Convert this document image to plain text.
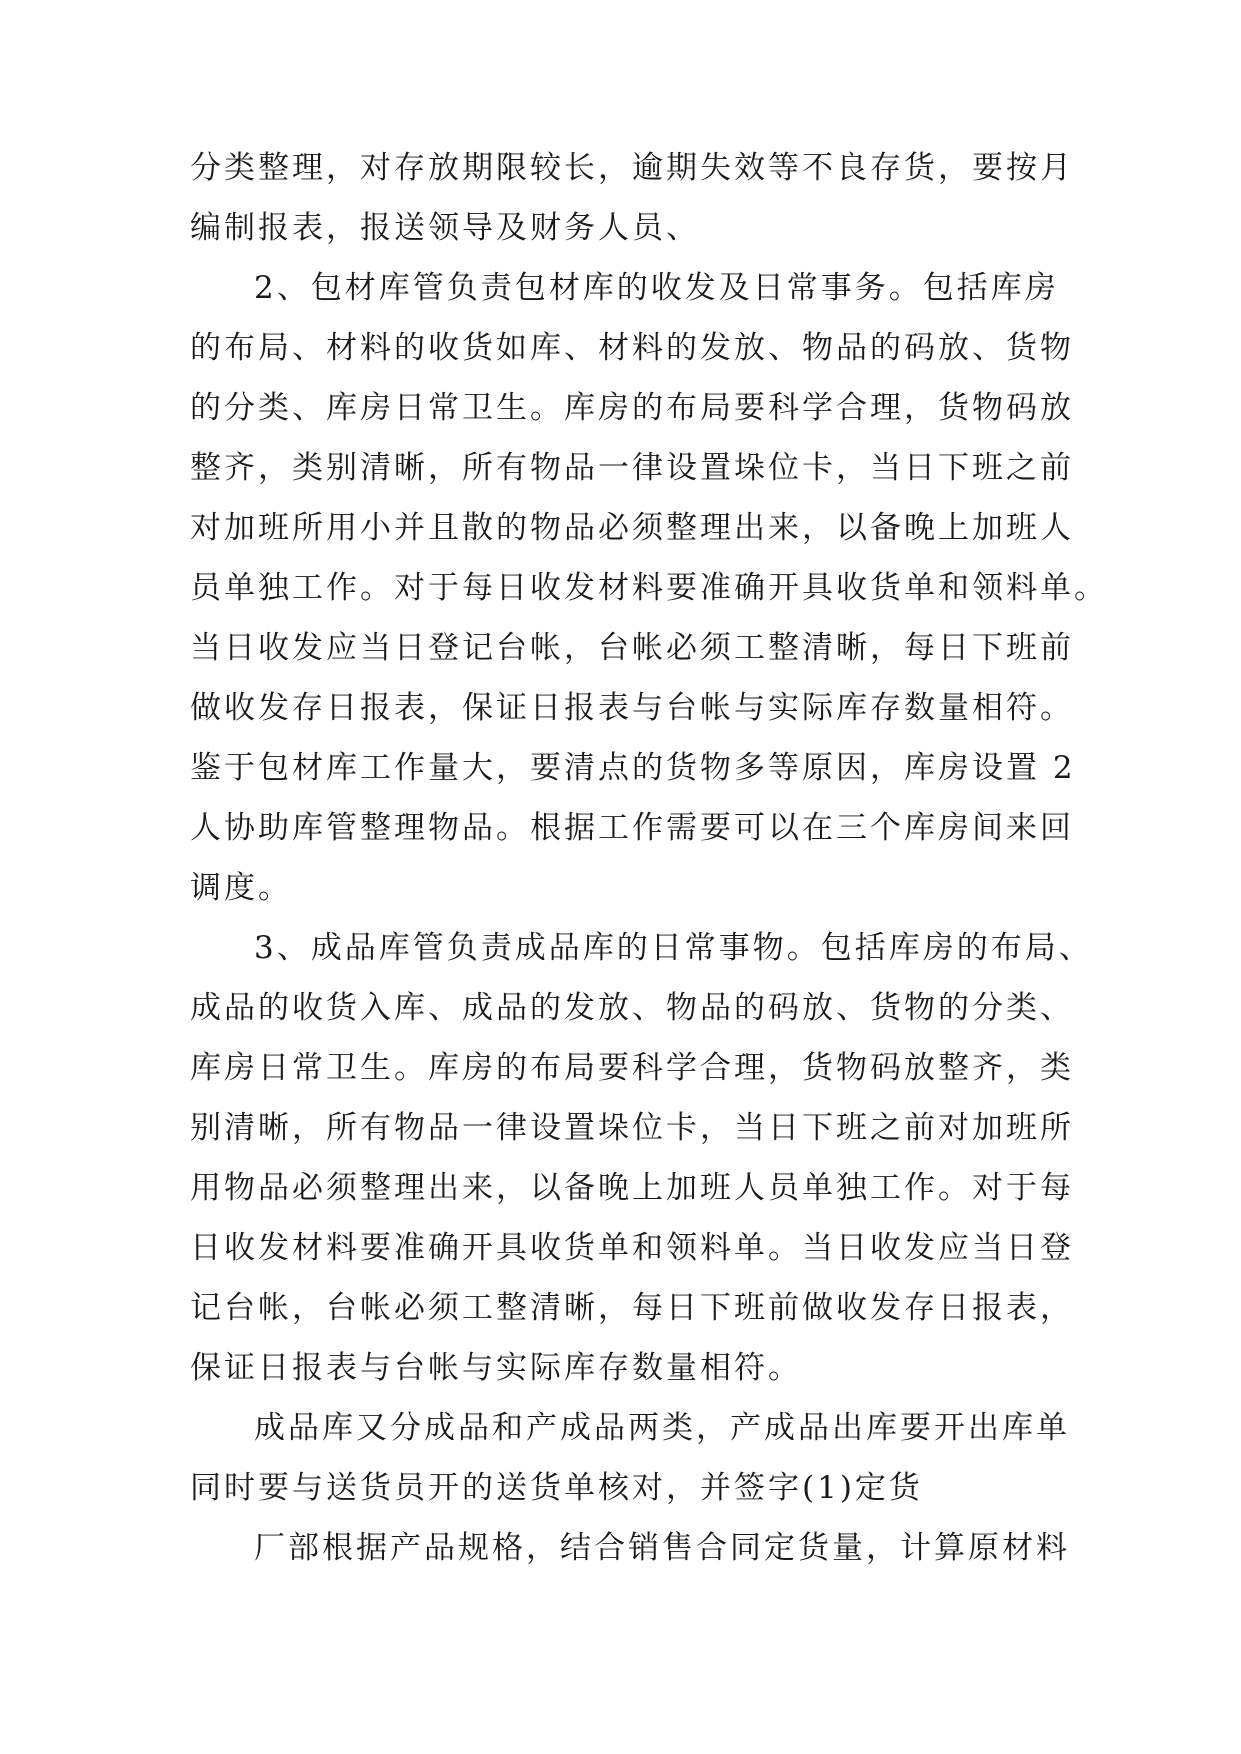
分类整理，对存放期限较长，逾期失效等不良存货，要按月
编制报表，报送领导及财务人员、
2、包材库管负责包材库的收发及日常事务。包括库房
的布局、材料的收货如库、材料的发放、物品的码放、货物
的分类、库房日常卫生。库房的布局要科学合理，货物码放
整齐，类别清晰，所有物品一律设置垛位卡，当日下班之前
对加班所用小并且散的物品必须整理出来，以备晚上加班人
员单独工作。对于每日收发材料要准确开具收货单和领料单。
当日收发应当日登记台帐，台帐必须工整清晰，每日下班前
做收发存日报表，保证日报表与台帐与实际库存数量相符。
鉴于包材库工作量大，要清点的货物多等原因，库房设置 2
人协助库管整理物品。根据工作需要可以在三个库房间来回
调度。
3、成品库管负责成品库的日常事物。包括库房的布局、
成品的收货入库、成品的发放、物品的码放、货物的分类、
库房日常卫生。库房的布局要科学合理，货物码放整齐，类
别清晰，所有物品一律设置垛位卡，当日下班之前对加班所
用物品必须整理出来，以备晚上加班人员单独工作。对于每
日收发材料要准确开具收货单和领料单。当日收发应当日登
记台帐，台帐必须工整清晰，每日下班前做收发存日报表，
保证日报表与台帐与实际库存数量相符。
成品库又分成品和产成品两类，产成品出库要开出库单
同时要与送货员开的送货单核对，并签字(1)定货
厂部根据产品规格，结合销售合同定货量，计算原材料
